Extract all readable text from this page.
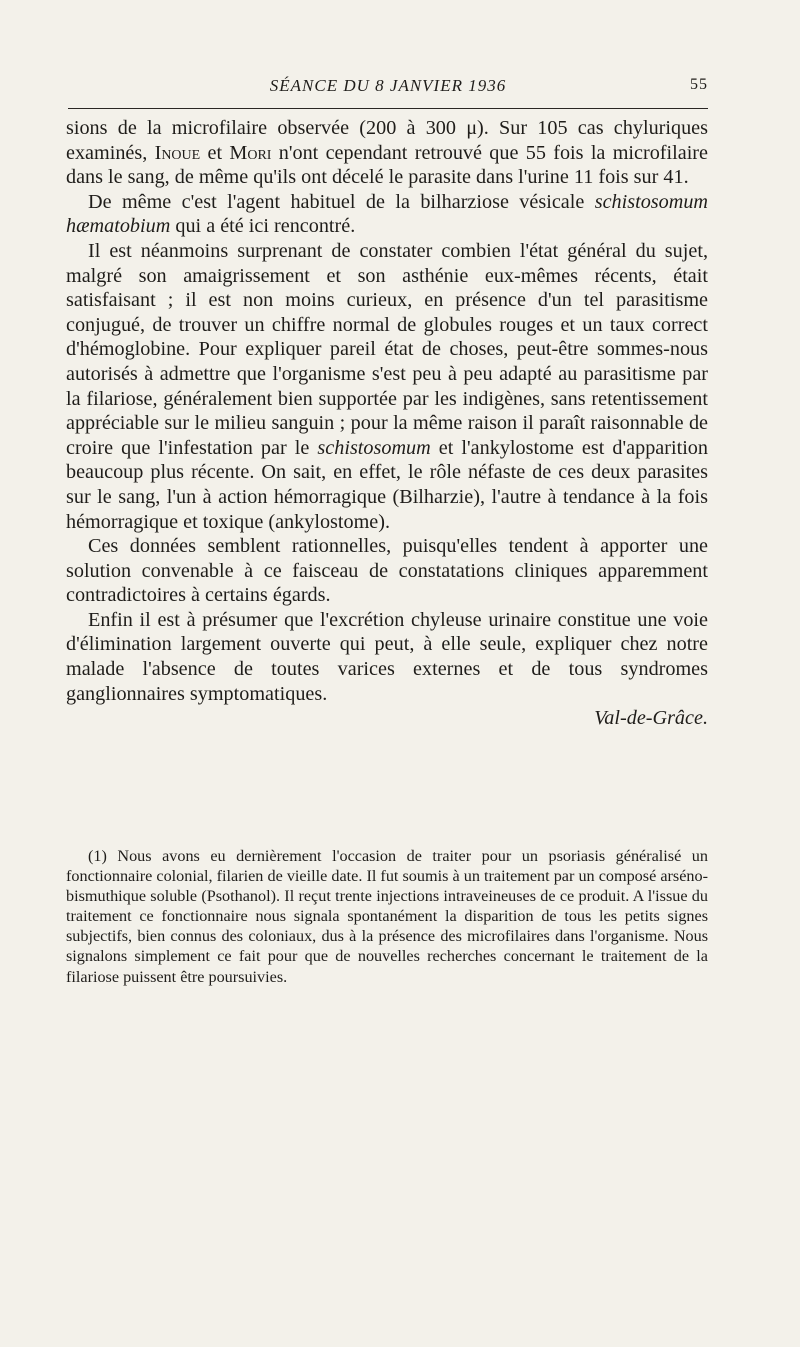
SÉANCE DU 8 JANVIER 1936	55

sions de la microfilaire observée (200 à 300 μ). Sur 105 cas chyluriques examinés, Inoue et Mori n'ont cependant retrouvé que 55 fois la microfilaire dans le sang, de même qu'ils ont décelé le parasite dans l'urine 11 fois sur 41.

De même c'est l'agent habituel de la bilharziose vésicale schistosomum hæmatobium qui a été ici rencontré.

Il est néanmoins surprenant de constater combien l'état général du sujet, malgré son amaigrissement et son asthénie eux-mêmes récents, était satisfaisant ; il est non moins curieux, en présence d'un tel parasitisme conjugué, de trouver un chiffre normal de globules rouges et un taux correct d'hémoglobine. Pour expliquer pareil état de choses, peut-être sommes-nous autorisés à admettre que l'organisme s'est peu à peu adapté au parasitisme par la filariose, généralement bien supportée par les indigènes, sans retentissement appréciable sur le milieu sanguin ; pour la même raison il paraît raisonnable de croire que l'infestation par le schistosomum et l'ankylostome est d'apparition beaucoup plus récente. On sait, en effet, le rôle néfaste de ces deux parasites sur le sang, l'un à action hémorragique (Bilharzie), l'autre à tendance à la fois hémorragique et toxique (ankylostome).

Ces données semblent rationnelles, puisqu'elles tendent à apporter une solution convenable à ce faisceau de constatations cliniques apparemment contradictoires à certains égards.

Enfin il est à présumer que l'excrétion chyleuse urinaire constitue une voie d'élimination largement ouverte qui peut, à elle seule, expliquer chez notre malade l'absence de toutes varices externes et de tous syndromes ganglionnaires symptomatiques.

Val-de-Grâce.

(1) Nous avons eu dernièrement l'occasion de traiter pour un psoriasis généralisé un fonctionnaire colonial, filarien de vieille date. Il fut soumis à un traitement par un composé arséno-bismuthique soluble (Psothanol). Il reçut trente injections intraveineuses de ce produit. A l'issue du traitement ce fonctionnaire nous signala spontanément la disparition de tous les petits signes subjectifs, bien connus des coloniaux, dus à la présence des microfilaires dans l'organisme. Nous signalons simplement ce fait pour que de nouvelles recherches concernant le traitement de la filariose puissent être poursuivies.
